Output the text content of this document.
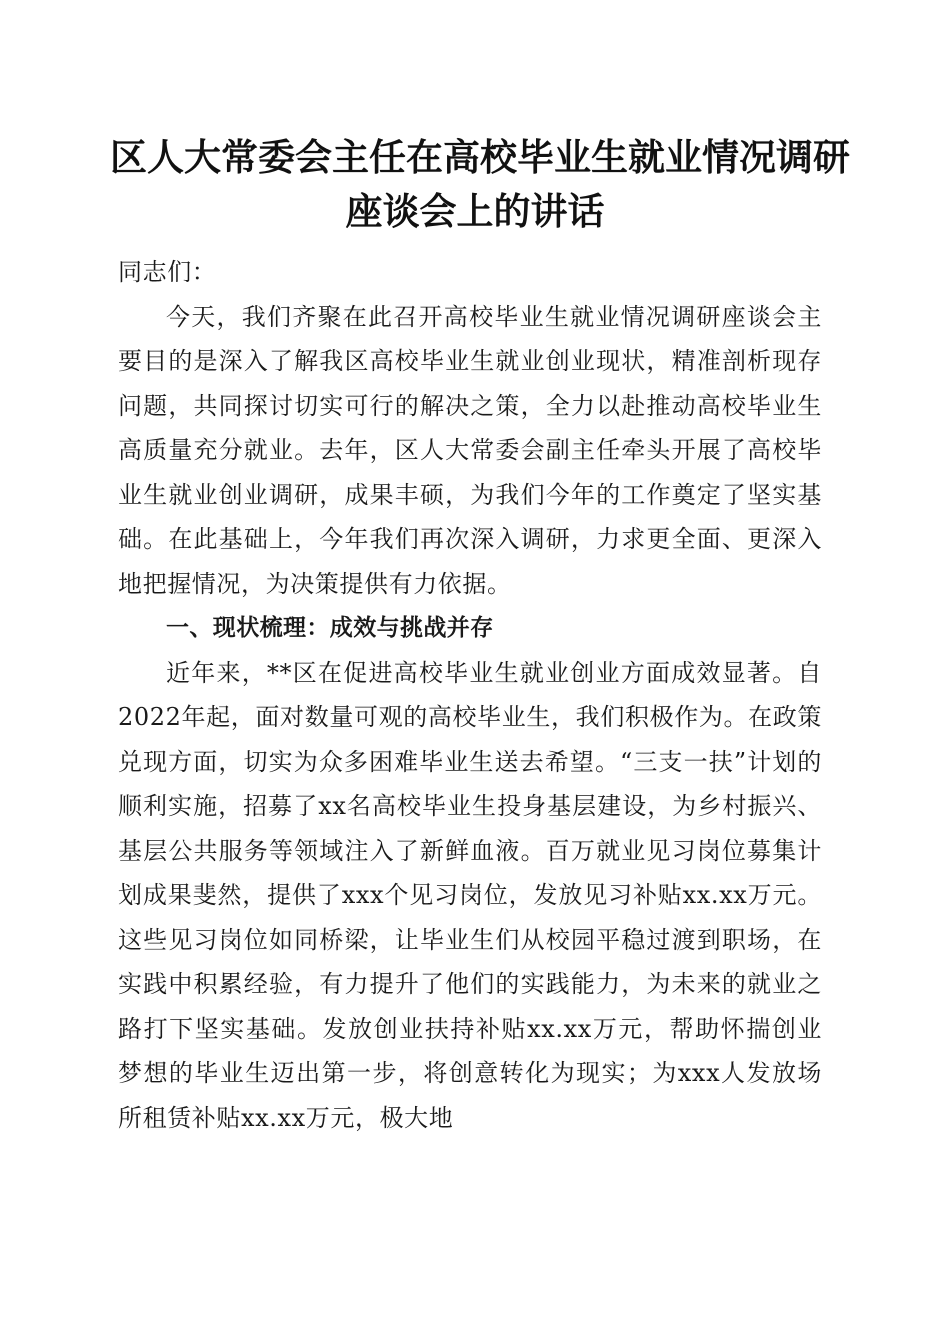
区人大常委会主任在高校毕业生就业情况调研
座谈会上的讲话

同志们：

今天，我们齐聚在此召开高校毕业生就业情况调研座谈会主要目的是深入了解我区高校毕业生就业创业现状，精准剖析现存问题，共同探讨切实可行的解决之策，全力以赴推动高校毕业生高质量充分就业。去年，区人大常委会副主任牵头开展了高校毕业生就业创业调研，成果丰硕，为我们今年的工作奠定了坚实基础。在此基础上，今年我们再次深入调研，力求更全面、更深入地把握情况，为决策提供有力依据。

一、现状梳理：成效与挑战并存

近年来，**区在促进高校毕业生就业创业方面成效显著。自2022年起，面对数量可观的高校毕业生，我们积极作为。在政策兑现方面，切实为众多困难毕业生送去希望。“三支一扶”计划的顺利实施，招募了xx名高校毕业生投身基层建设，为乡村振兴、基层公共服务等领域注入了新鲜血液。百万就业见习岗位募集计划成果斐然，提供了xxx个见习岗位，发放见习补贴xx.xx万元。这些见习岗位如同桥梁，让毕业生们从校园平稳过渡到职场，在实践中积累经验，有力提升了他们的实践能力，为未来的就业之路打下坚实基础。发放创业扶持补贴xx.xx万元，帮助怀揣创业梦想的毕业生迈出第一步，将创意转化为现实；为xxx人发放场所租赁补贴xx.xx万元，极大地
